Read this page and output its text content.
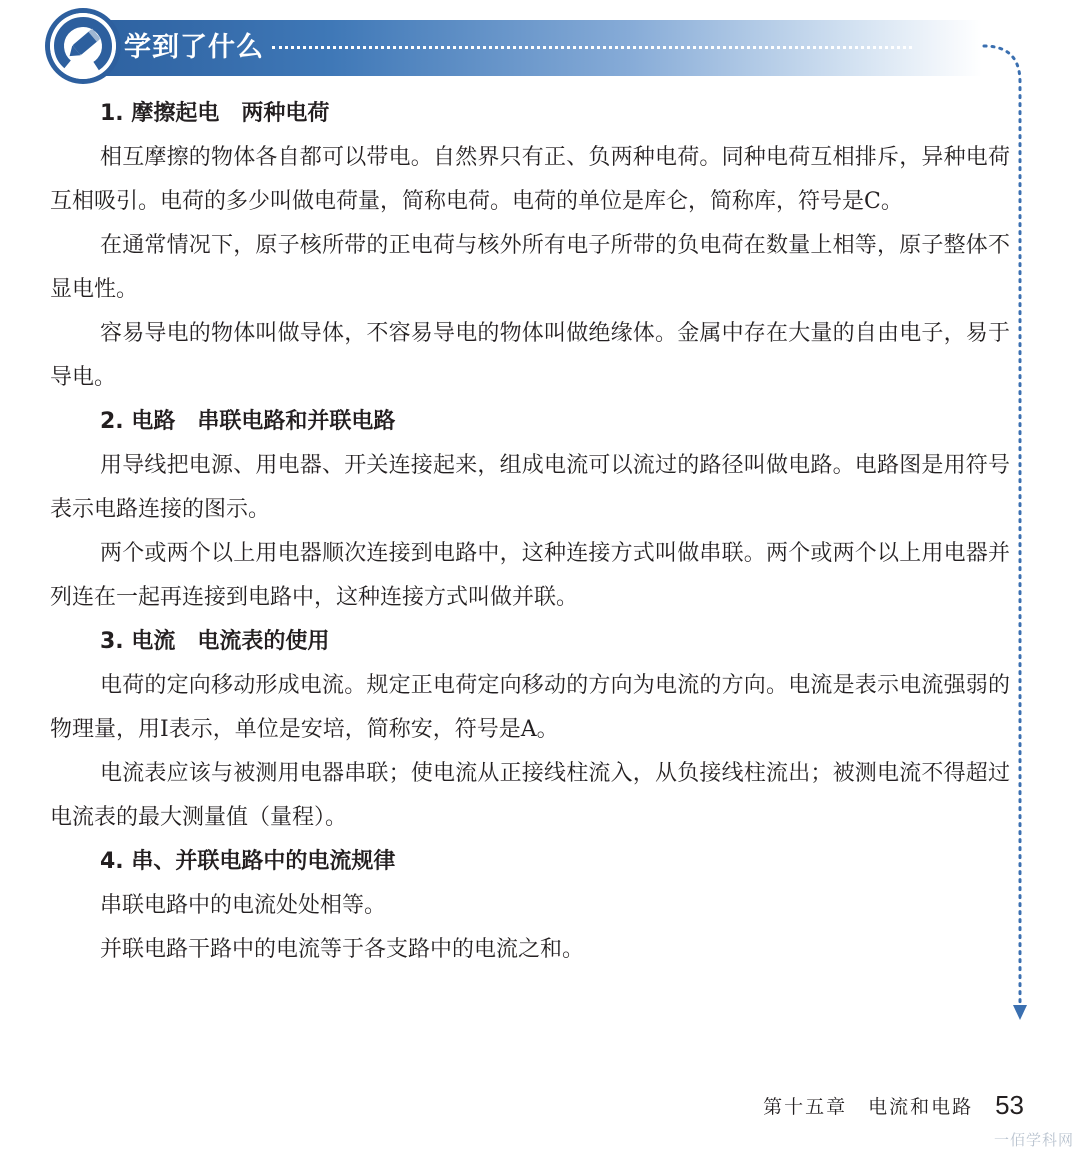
学到了什么
1. 摩擦起电　两种电荷

相互摩擦的物体各自都可以带电。自然界只有正、负两种电荷。同种电荷互相排斥，异种电荷互相吸引。电荷的多少叫做电荷量，简称电荷。电荷的单位是库仑，简称库，符号是C。

在通常情况下，原子核所带的正电荷与核外所有电子所带的负电荷在数量上相等，原子整体不显电性。

容易导电的物体叫做导体，不容易导电的物体叫做绝缘体。金属中存在大量的自由电子，易于导电。

2. 电路　串联电路和并联电路

用导线把电源、用电器、开关连接起来，组成电流可以流过的路径叫做电路。电路图是用符号表示电路连接的图示。

两个或两个以上用电器顺次连接到电路中，这种连接方式叫做串联。两个或两个以上用电器并列连在一起再连接到电路中，这种连接方式叫做并联。

3. 电流　电流表的使用

电荷的定向移动形成电流。规定正电荷定向移动的方向为电流的方向。电流是表示电流强弱的物理量，用I表示，单位是安培，简称安，符号是A。

电流表应该与被测用电器串联；使电流从正接线柱流入，从负接线柱流出；被测电流不得超过电流表的最大测量值（量程）。

4. 串、并联电路中的电流规律

串联电路中的电流处处相等。

并联电路干路中的电流等于各支路中的电流之和。

第十五章　电流和电路 53
一佰学科网
